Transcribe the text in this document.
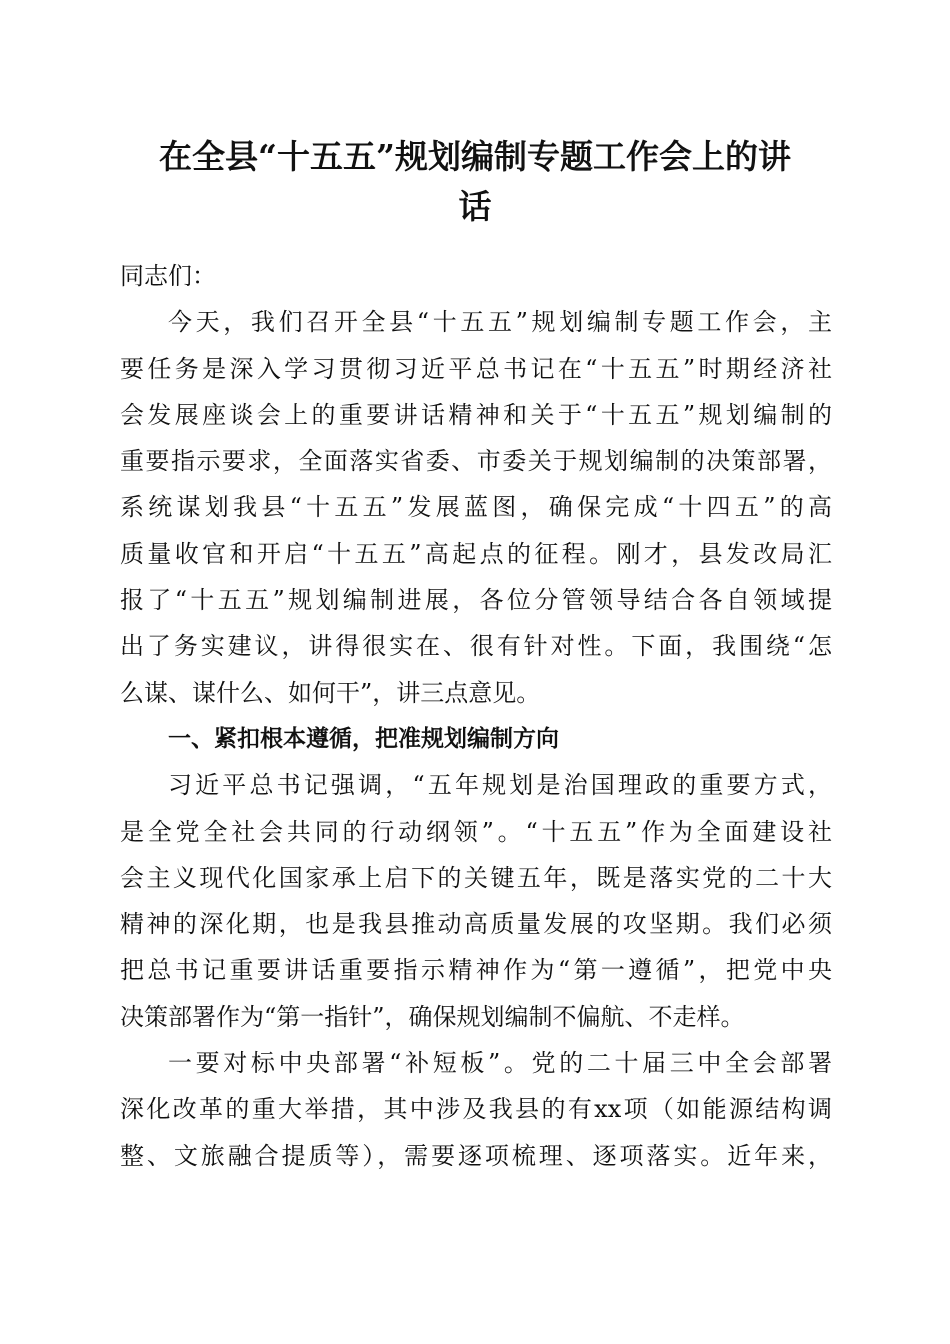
在全县“十五五”规划编制专题工作会上的讲
话
同志们：
今天，我们召开全县“十五五”规划编制专题工作会，主
要任务是深入学习贯彻习近平总书记在“十五五”时期经济社
会发展座谈会上的重要讲话精神和关于“十五五”规划编制的
重要指示要求，全面落实省委、市委关于规划编制的决策部署，
系统谋划我县“十五五”发展蓝图，确保完成“十四五”的高
质量收官和开启“十五五”高起点的征程。刚才，县发改局汇
报了“十五五”规划编制进展，各位分管领导结合各自领域提
出了务实建议，讲得很实在、很有针对性。下面，我围绕“怎
么谋、谋什么、如何干”，讲三点意见。
一、紧扣根本遵循，把准规划编制方向
习近平总书记强调，“五年规划是治国理政的重要方式，
是全党全社会共同的行动纲领”。“十五五”作为全面建设社
会主义现代化国家承上启下的关键五年，既是落实党的二十大
精神的深化期，也是我县推动高质量发展的攻坚期。我们必须
把总书记重要讲话重要指示精神作为“第一遵循”，把党中央
决策部署作为“第一指针”，确保规划编制不偏航、不走样。
一要对标中央部署“补短板”。党的二十届三中全会部署
深化改革的重大举措，其中涉及我县的有xx项（如能源结构调
整、文旅融合提质等），需要逐项梳理、逐项落实。近年来，
